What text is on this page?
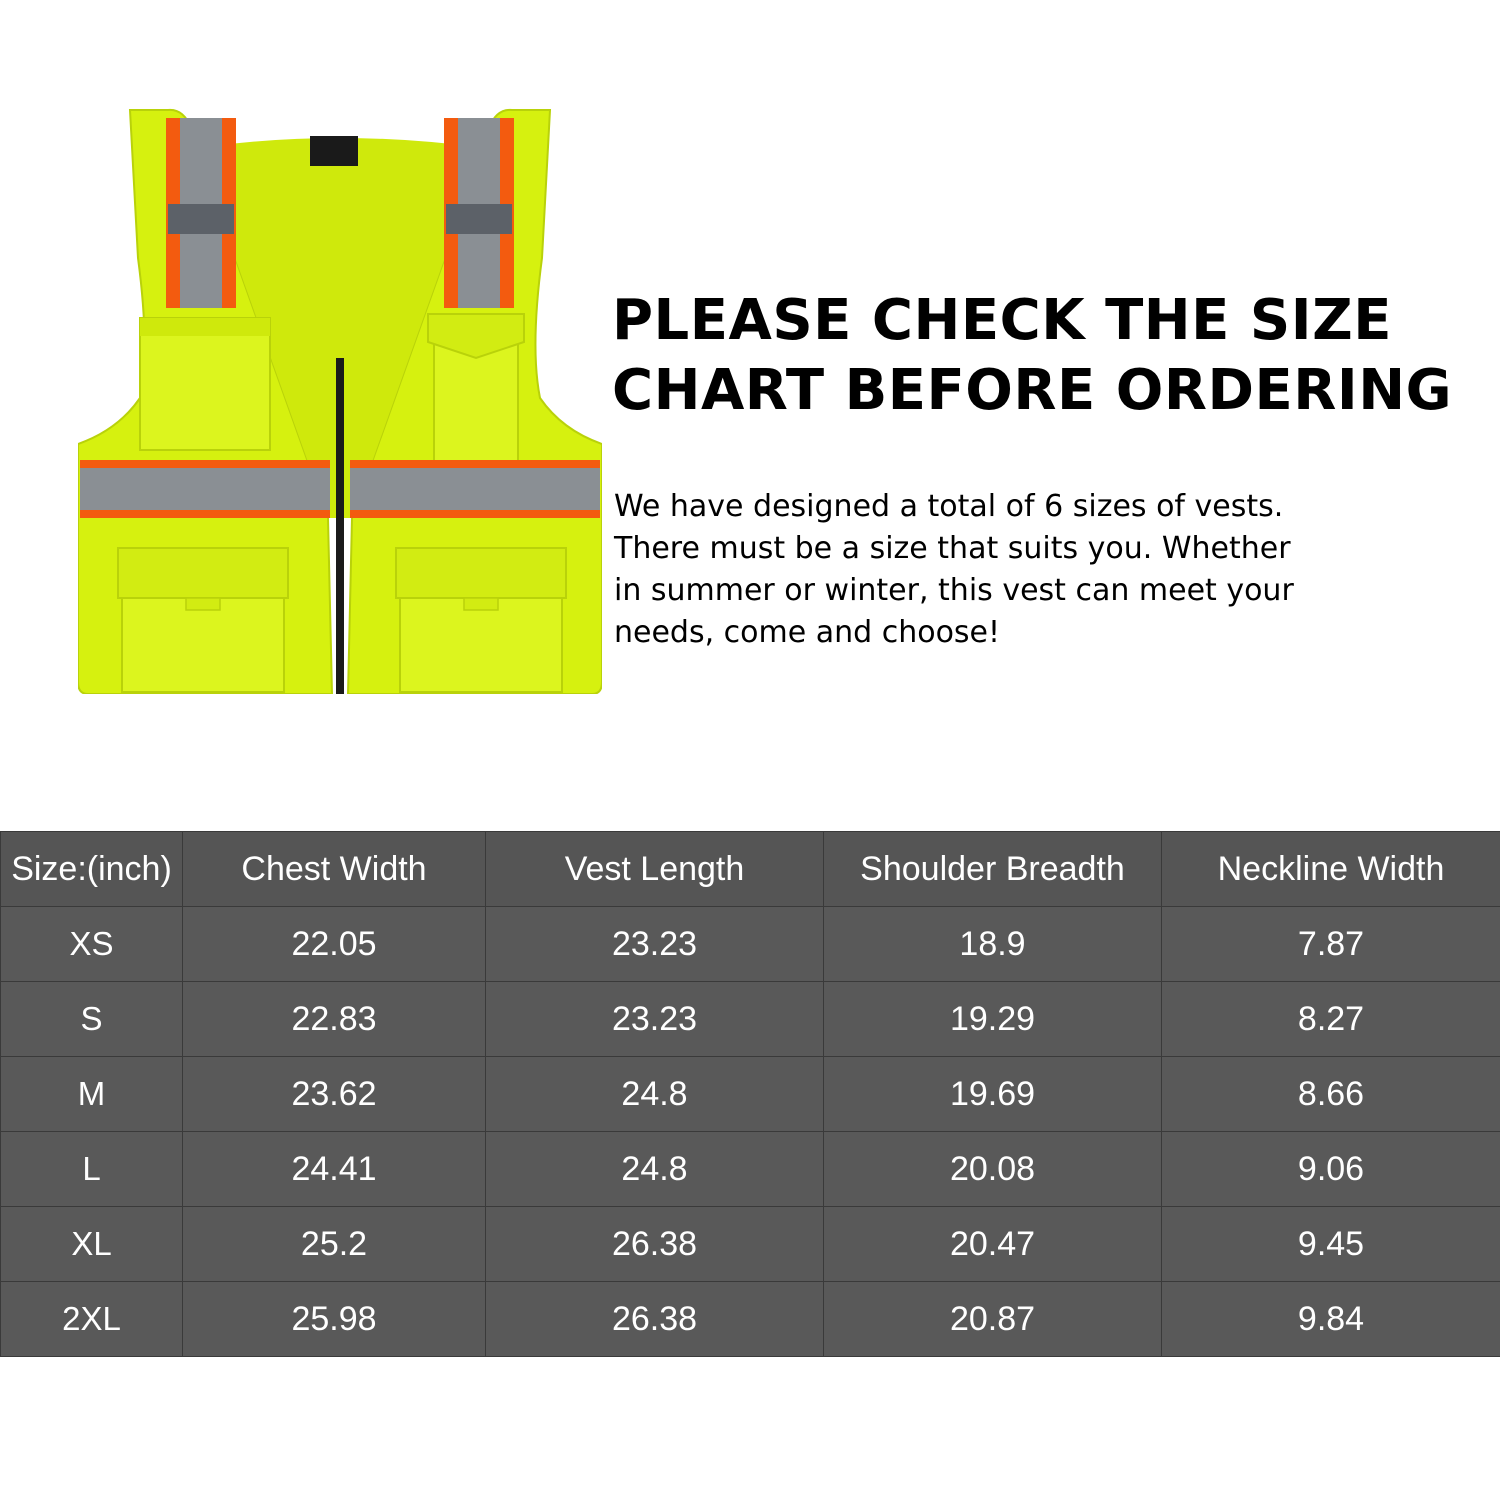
PLEASE CHECK THE SIZE
CHART BEFORE ORDERING
We have designed a total of 6 sizes of vests.
There must be a size that suits you. Whether
in summer or winter, this vest can meet your
needs, come and choose!
Size:(inch)	Chest Width	Vest Length	Shoulder Breadth	Neckline Width
XS	22.05	23.23	18.9	7.87
S	22.83	23.23	19.29	8.27
M	23.62	24.8	19.69	8.66
L	24.41	24.8	20.08	9.06
XL	25.2	26.38	20.47	9.45
2XL	25.98	26.38	20.87	9.84
